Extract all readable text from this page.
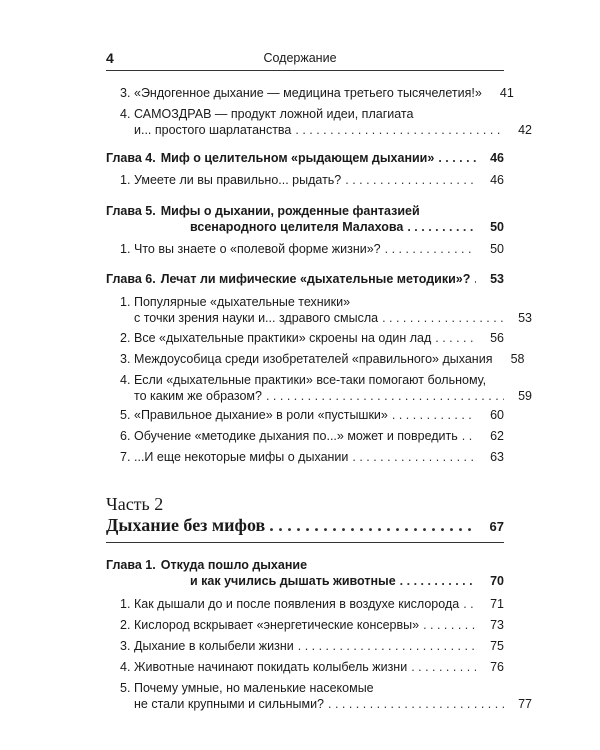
4	Содержание
3. «Эндогенное дыхание — медицина третьего тысячелетия!»	41
4. САМОЗДРАВ — продукт ложной идеи, плагиата
и... простого шарлатанства . . .	42
Глава 4. Миф о целительном «рыдающем дыхании» . . .	46
1. Умеете ли вы правильно... рыдать? . . .	46
Глава 5. Мифы о дыхании, рожденные фантазией
всенародного целителя Малахова . . .	50
1. Что вы знаете о «полевой форме жизни»? . . .	50
Глава 6. Лечат ли мифические «дыхательные методики»? . . .	53
1. Популярные «дыхательные техники»
с точки зрения науки и... здравого смысла . . .	53
2. Все «дыхательные практики» скроены на один лад . . .	56
3. Междоусобица среди изобретателей «правильного» дыхания	58
4. Если «дыхательные практики» все-таки помогают больному,
то каким же образом? . . .	59
5. «Правильное дыхание» в роли «пустышки» . . .	60
6. Обучение «методике дыхания по...» может и повредить . . .	62
7. ...И еще некоторые мифы о дыхании . . .	63
Часть 2
Дыхание без мифов . . .	67
Глава 1. Откуда пошло дыхание
и как учились дышать животные . . .	70
1. Как дышали до и после появления в воздухе кислорода . . .	71
2. Кислород вскрывает «энергетические консервы» . . .	73
3. Дыхание в колыбели жизни . . .	75
4. Животные начинают покидать колыбель жизни . . .	76
5. Почему умные, но маленькие насекомые
не стали крупными и сильными? . . .	77
